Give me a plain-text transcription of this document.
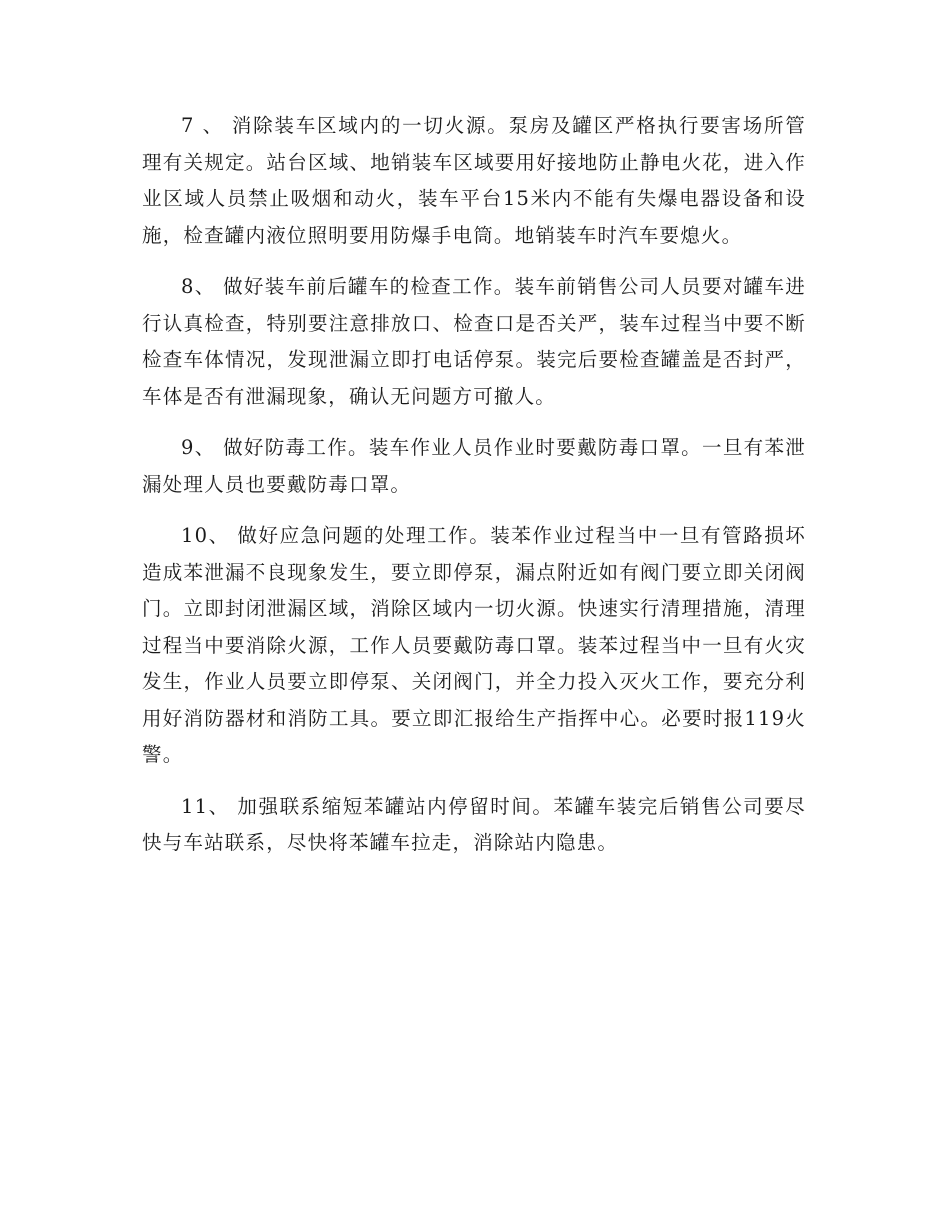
7 、 消除装车区域内的一切火源。泵房及罐区严格执行要害场所管理有关规定。站台区域、地销装车区域要用好接地防止静电火花，进入作业区域人员禁止吸烟和动火，装车平台15米内不能有失爆电器设备和设施，检查罐内液位照明要用防爆手电筒。地销装车时汽车要熄火。

8、 做好装车前后罐车的检查工作。装车前销售公司人员要对罐车进行认真检查，特别要注意排放口、检查口是否关严，装车过程当中要不断检查车体情况，发现泄漏立即打电话停泵。装完后要检查罐盖是否封严，车体是否有泄漏现象，确认无问题方可撤人。

9、 做好防毒工作。装车作业人员作业时要戴防毒口罩。一旦有苯泄漏处理人员也要戴防毒口罩。

10、 做好应急问题的处理工作。装苯作业过程当中一旦有管路损坏造成苯泄漏不良现象发生，要立即停泵，漏点附近如有阀门要立即关闭阀门。立即封闭泄漏区域，消除区域内一切火源。快速实行清理措施，清理过程当中要消除火源，工作人员要戴防毒口罩。装苯过程当中一旦有火灾发生，作业人员要立即停泵、关闭阀门，并全力投入灭火工作，要充分利用好消防器材和消防工具。要立即汇报给生产指挥中心。必要时报119火警。

11、 加强联系缩短苯罐站内停留时间。苯罐车装完后销售公司要尽快与车站联系，尽快将苯罐车拉走，消除站内隐患。
